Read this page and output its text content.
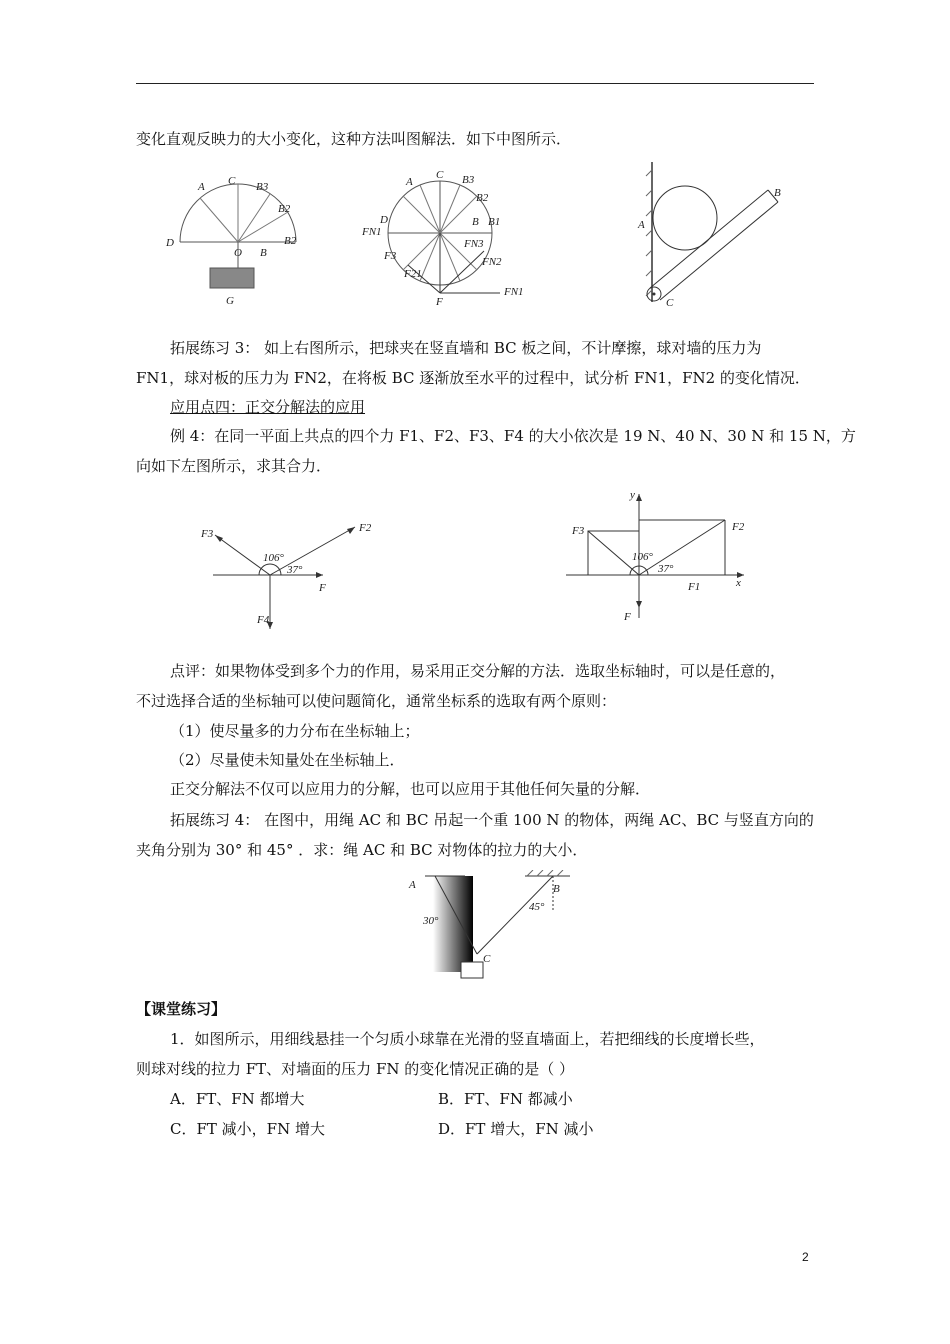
变化直观反映力的大小变化，这种方法叫图解法．如下中图所示．
A C B3
B2
D
O B
B2
G
A
C B3
B2
B B1
D
FN1
FN3
F3
F21
FN2
FN1
F
A
B
C
拓展练习 3： 如上右图所示，把球夹在竖直墙和 BC 板之间，不计摩擦，球对墙的压力为
FN1，球对板的压力为 FN2，在将板 BC 逐渐放至水平的过程中，试分析 FN1，FN2 的变化情况．
应用点四：正交分解法的应用
例 4：在同一平面上共点的四个力 F1、F2、F3、F4 的大小依次是 19 N、40 N、30 N 和 15 N，方
向如下左图所示，求其合力．
F3	F2
F4
F
106°
37°
y
x
F3	F2
F1
F
106°
37°
点评：如果物体受到多个力的作用，易采用正交分解的方法．选取坐标轴时，可以是任意的，
不过选择合适的坐标轴可以使问题简化，通常坐标系的选取有两个原则：
（1）使尽量多的力分布在坐标轴上；
（2）尽量使未知量处在坐标轴上．
正交分解法不仅可以应用力的分解，也可以应用于其他任何矢量的分解．
拓展练习 4： 在图中，用绳 AC 和 BC 吊起一个重 100 N 的物体，两绳 AC、BC 与竖直方向的
夹角分别为 30° 和 45° ．求：绳 AC 和 BC 对物体的拉力的大小．
A	B
C
30°
45°
【课堂练习】
1．如图所示，用细线悬挂一个匀质小球靠在光滑的竖直墙面上，若把细线的长度增长些，
则球对线的拉力 FT、对墙面的压力 FN 的变化情况正确的是（ ）
A．FT、FN 都增大	B．FT、FN 都减小
C．FT 减小，FN 增大	D．FT 增大，FN 减小
2
